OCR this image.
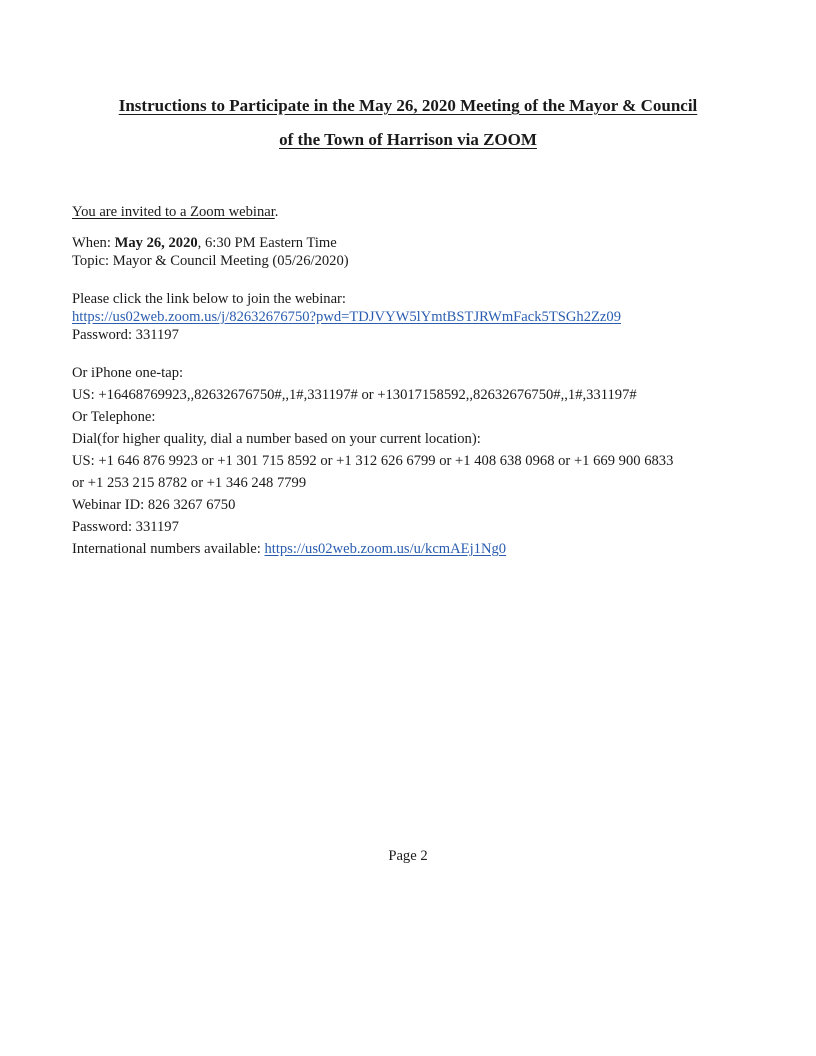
Instructions to Participate in the May 26, 2020 Meeting of the Mayor & Council

of the Town of Harrison via ZOOM

You are invited to a Zoom webinar.
When: May 26, 2020, 6:30 PM Eastern Time
Topic: Mayor & Council Meeting (05/26/2020)
Please click the link below to join the webinar:
https://us02web.zoom.us/j/82632676750?pwd=TDJVYW5lYmtBSTJRWmFack5TSGh2Zz09
Password: 331197
Or iPhone one-tap:
US: +16468769923,,82632676750#,,1#,331197# or +13017158592,,82632676750#,,1#,331197#
Or Telephone:
Dial(for higher quality, dial a number based on your current location):
US: +1 646 876 9923 or +1 301 715 8592 or +1 312 626 6799 or +1 408 638 0968 or +1 669 900 6833
or +1 253 215 8782 or +1 346 248 7799
Webinar ID: 826 3267 6750
Password: 331197
International numbers available: https://us02web.zoom.us/u/kcmAEj1Ng0
Page 2
